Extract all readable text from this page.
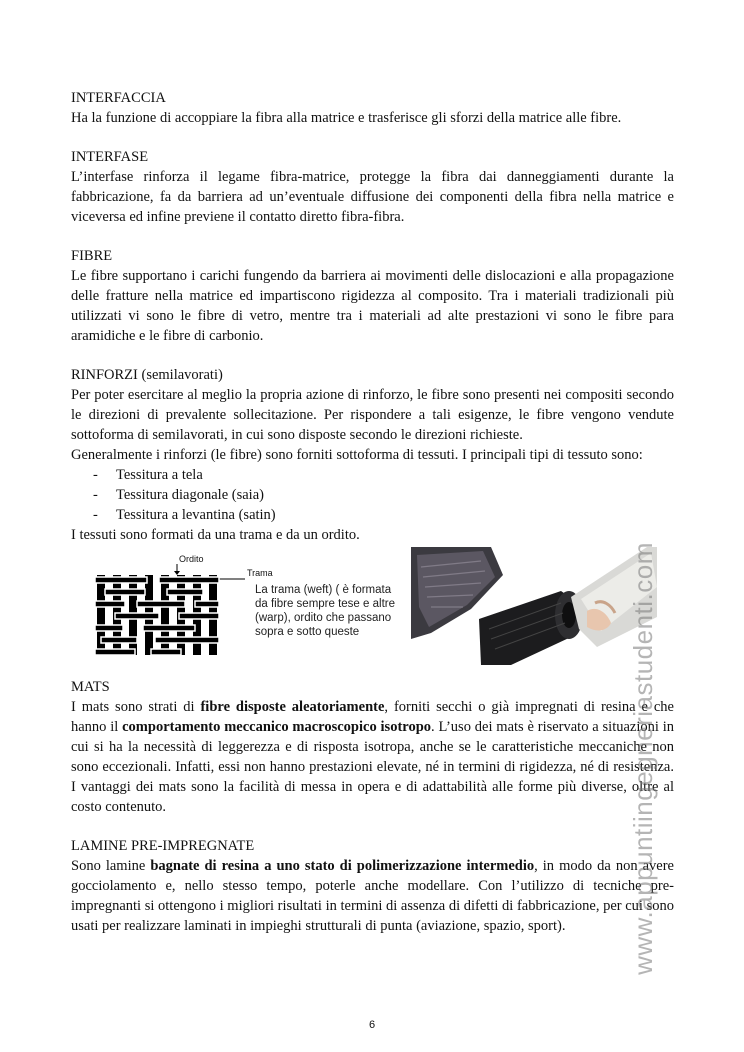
INTERFACCIA

Ha la funzione di accoppiare la fibra alla matrice e trasferisce gli sforzi della matrice alle fibre.

INTERFASE

L’interfase rinforza il legame fibra-matrice, protegge la fibra dai danneggiamenti durante la fabbricazione, fa da barriera ad un’eventuale diffusione dei componenti della fibra nella matrice e viceversa ed infine previene il contatto diretto fibra-fibra.

FIBRE

Le fibre supportano i carichi fungendo da barriera ai movimenti delle dislocazioni e alla propagazione delle fratture nella matrice ed impartiscono rigidezza al composito. Tra i materiali tradizionali più utilizzati vi sono le fibre di vetro, mentre tra i materiali ad alte prestazioni vi sono le fibre para aramidiche e le fibre di carbonio.

RINFORZI (semilavorati)

Per poter esercitare al meglio la propria azione di rinforzo, le fibre sono presenti nei compositi secondo le direzioni di prevalente sollecitazione. Per rispondere a tali esigenze, le fibre vengono vendute sottoforma di semilavorati, in cui sono disposte secondo le direzioni richieste.

Generalmente i rinforzi (le fibre) sono forniti sottoforma di tessuti. I principali tipi di tessuto sono:

-	Tessitura a tela
-	Tessitura diagonale (saia)
-	Tessitura a levantina (satin)

I tessuti sono formati da una trama e da un ordito.

Ordito
Trama
La trama (weft) ( è formata da fibre sempre tese e altre (warp), ordito che passano sopra e sotto queste
MATS

I mats sono strati di fibre disposte aleatoriamente, forniti secchi o già impregnati di resina e che hanno il comportamento meccanico macroscopico isotropo. L’uso dei mats è riservato a situazioni in cui si ha la necessità di leggerezza e di risposta isotropa, anche se le caratteristiche meccaniche non sono eccezionali. Infatti, essi non hanno prestazioni elevate, né in termini di rigidezza, né di resistenza. I vantaggi dei mats sono la facilità di messa in opera e di adattabilità alle forme più diverse, oltre al costo contenuto.

LAMINE PRE-IMPREGNATE

Sono lamine bagnate di resina a uno stato di polimerizzazione intermedio, in modo da non avere gocciolamento e, nello stesso tempo, poterle anche modellare. Con l’utilizzo di tecniche pre-impregnanti si ottengono i migliori risultati in termini di assenza di difetti di fabbricazione, per cui sono usati per realizzare laminati in impieghi strutturali di punta (aviazione, spazio, sport).	www.appuntiingegneriastudenti.com
6
